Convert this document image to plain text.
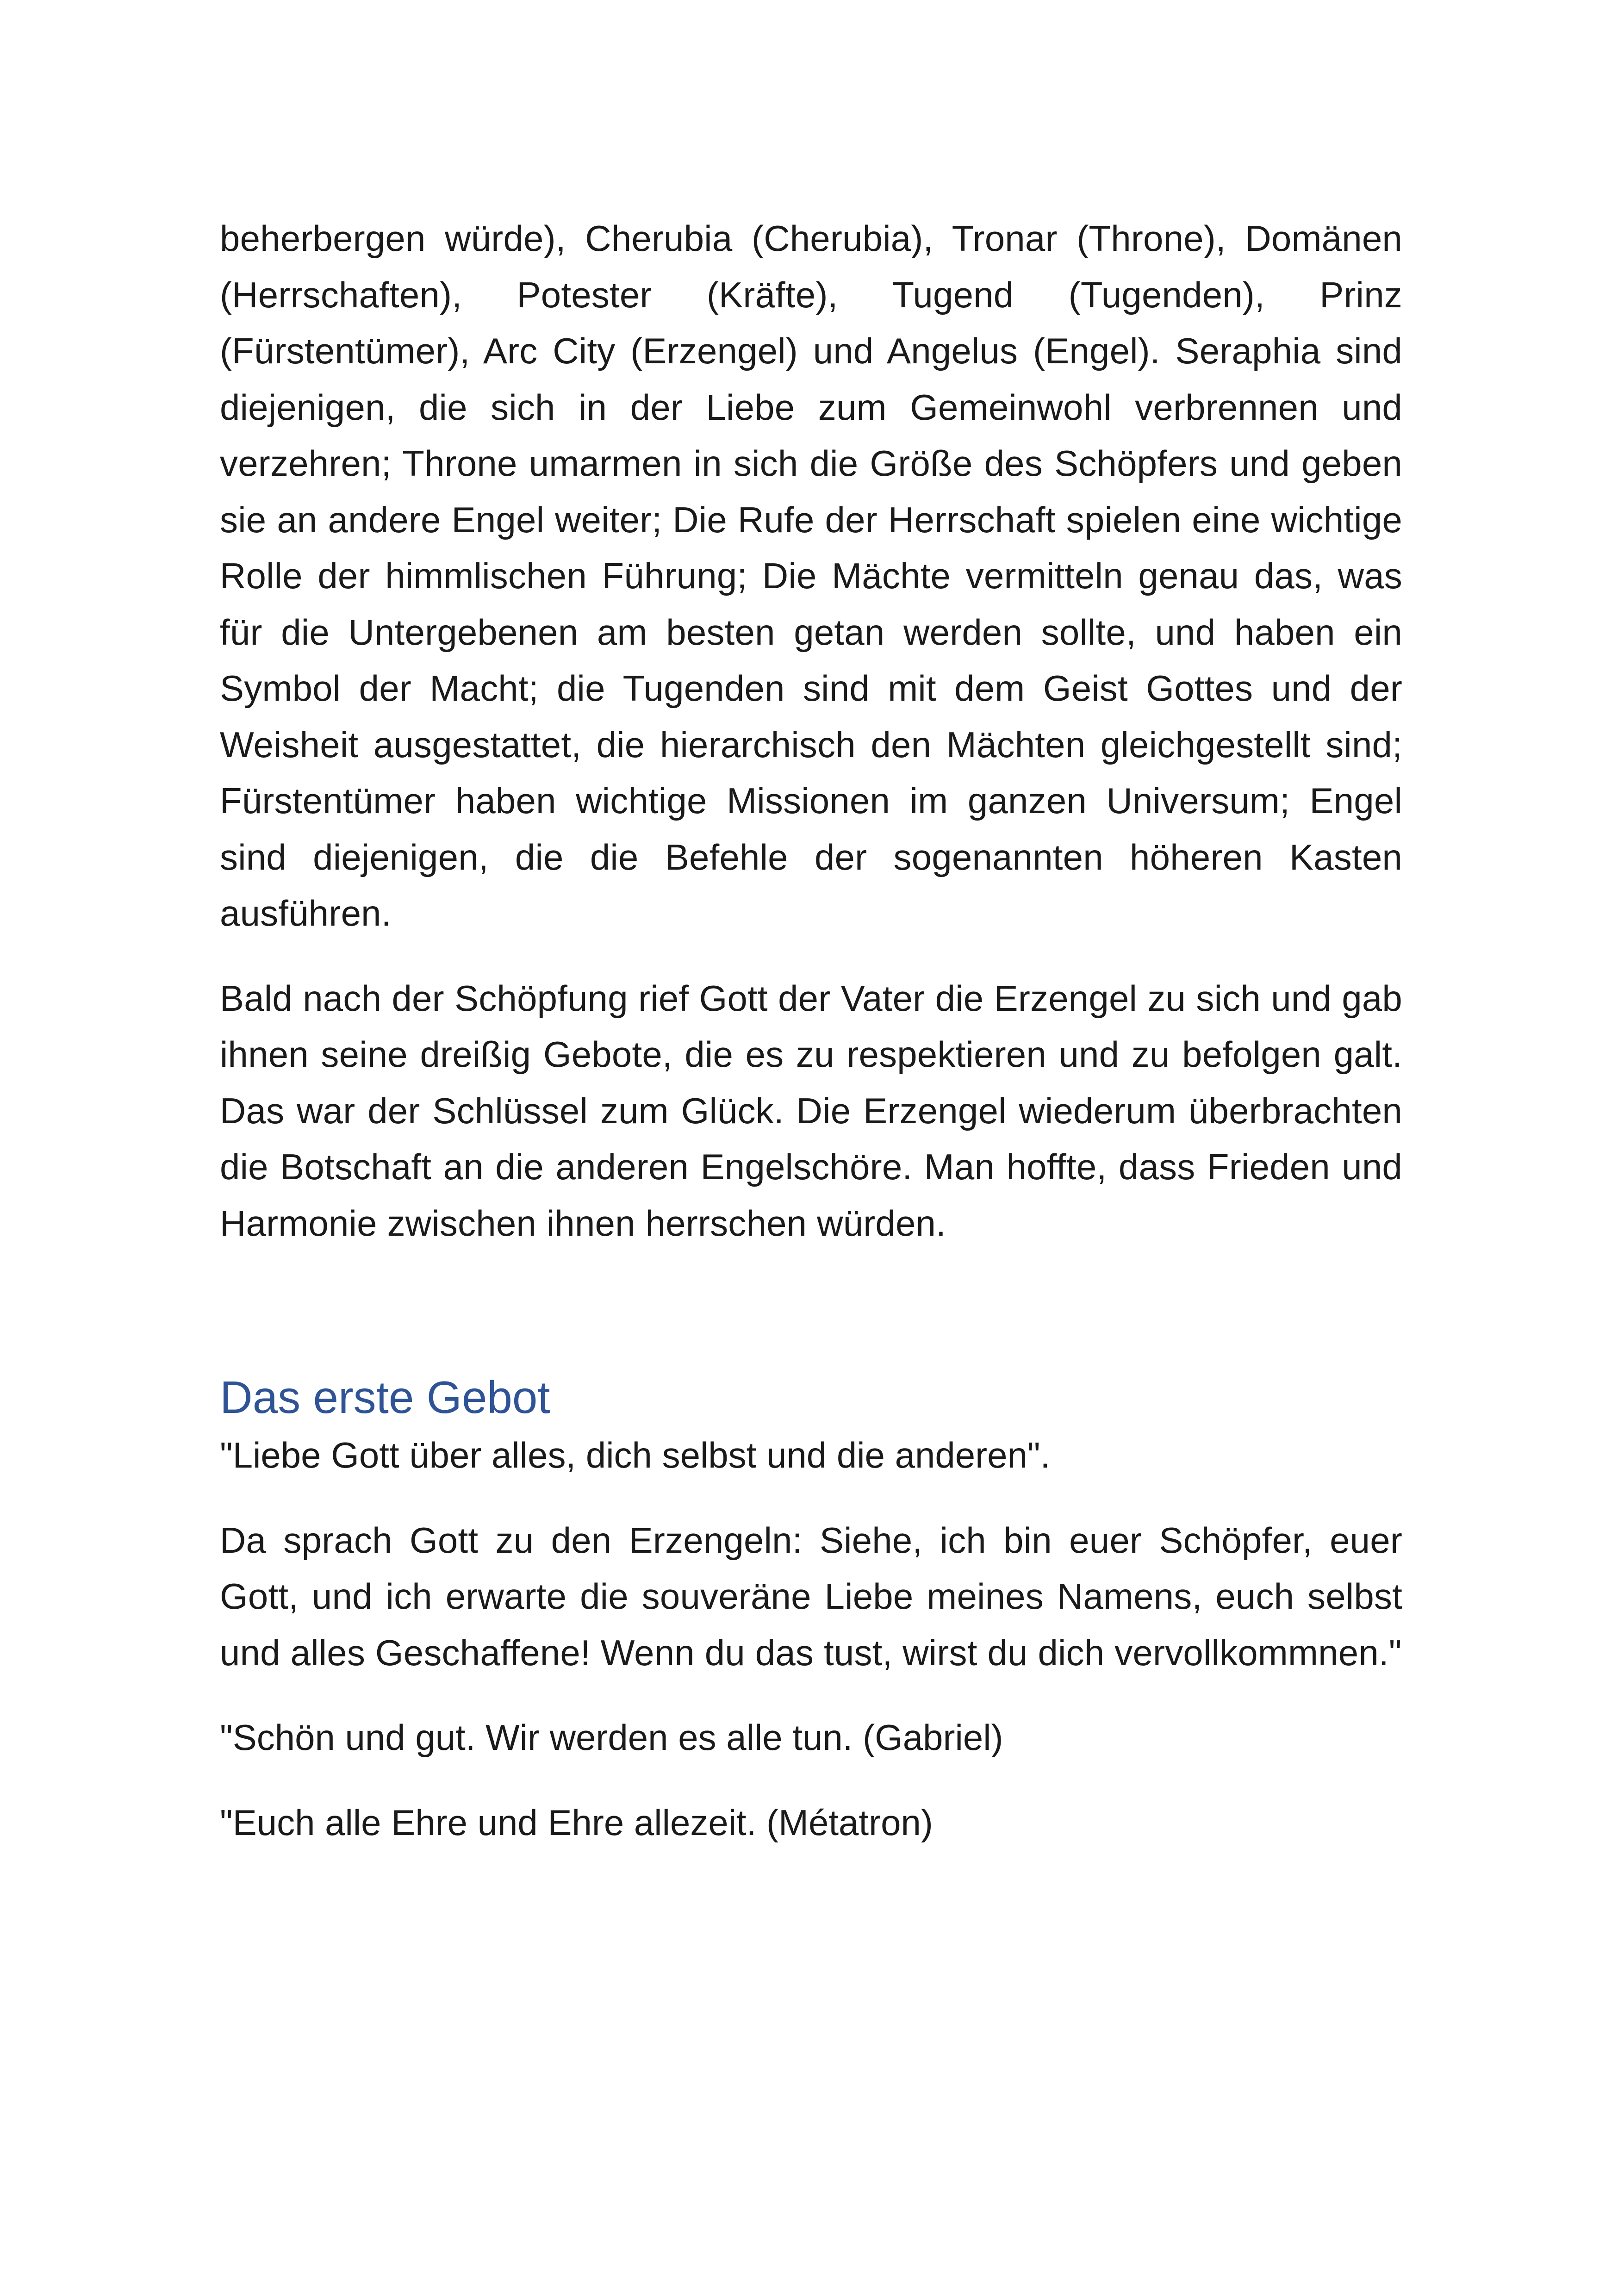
beherbergen würde), Cherubia (Cherubia), Tronar (Throne), Domänen (Herrschaften), Potester (Kräfte), Tugend (Tugenden), Prinz (Fürstentümer), Arc City (Erzengel) und Angelus (Engel). Seraphia sind diejenigen, die sich in der Liebe zum Gemeinwohl verbrennen und verzehren; Throne umarmen in sich die Größe des Schöpfers und geben sie an andere Engel weiter; Die Rufe der Herrschaft spielen eine wichtige Rolle der himmlischen Führung; Die Mächte vermitteln genau das, was für die Untergebenen am besten getan werden sollte, und haben ein Symbol der Macht; die Tugenden sind mit dem Geist Gottes und der Weisheit ausgestattet, die hierarchisch den Mächten gleichgestellt sind; Fürstentümer haben wichtige Missionen im ganzen Universum; Engel sind diejenigen, die die Befehle der sogenannten höheren Kasten ausführen.

Bald nach der Schöpfung rief Gott der Vater die Erzengel zu sich und gab ihnen seine dreißig Gebote, die es zu respektieren und zu befolgen galt. Das war der Schlüssel zum Glück. Die Erzengel wiederum überbrachten die Botschaft an die anderen Engelschöre. Man hoffte, dass Frieden und Harmonie zwischen ihnen herrschen würden.

Das erste Gebot

"Liebe Gott über alles, dich selbst und die anderen".

Da sprach Gott zu den Erzengeln: Siehe, ich bin euer Schöpfer, euer Gott, und ich erwarte die souveräne Liebe meines Namens, euch selbst und alles Geschaffene! Wenn du das tust, wirst du dich vervollkommnen."

"Schön und gut. Wir werden es alle tun. (Gabriel)

"Euch alle Ehre und Ehre allezeit. (Métatron)
